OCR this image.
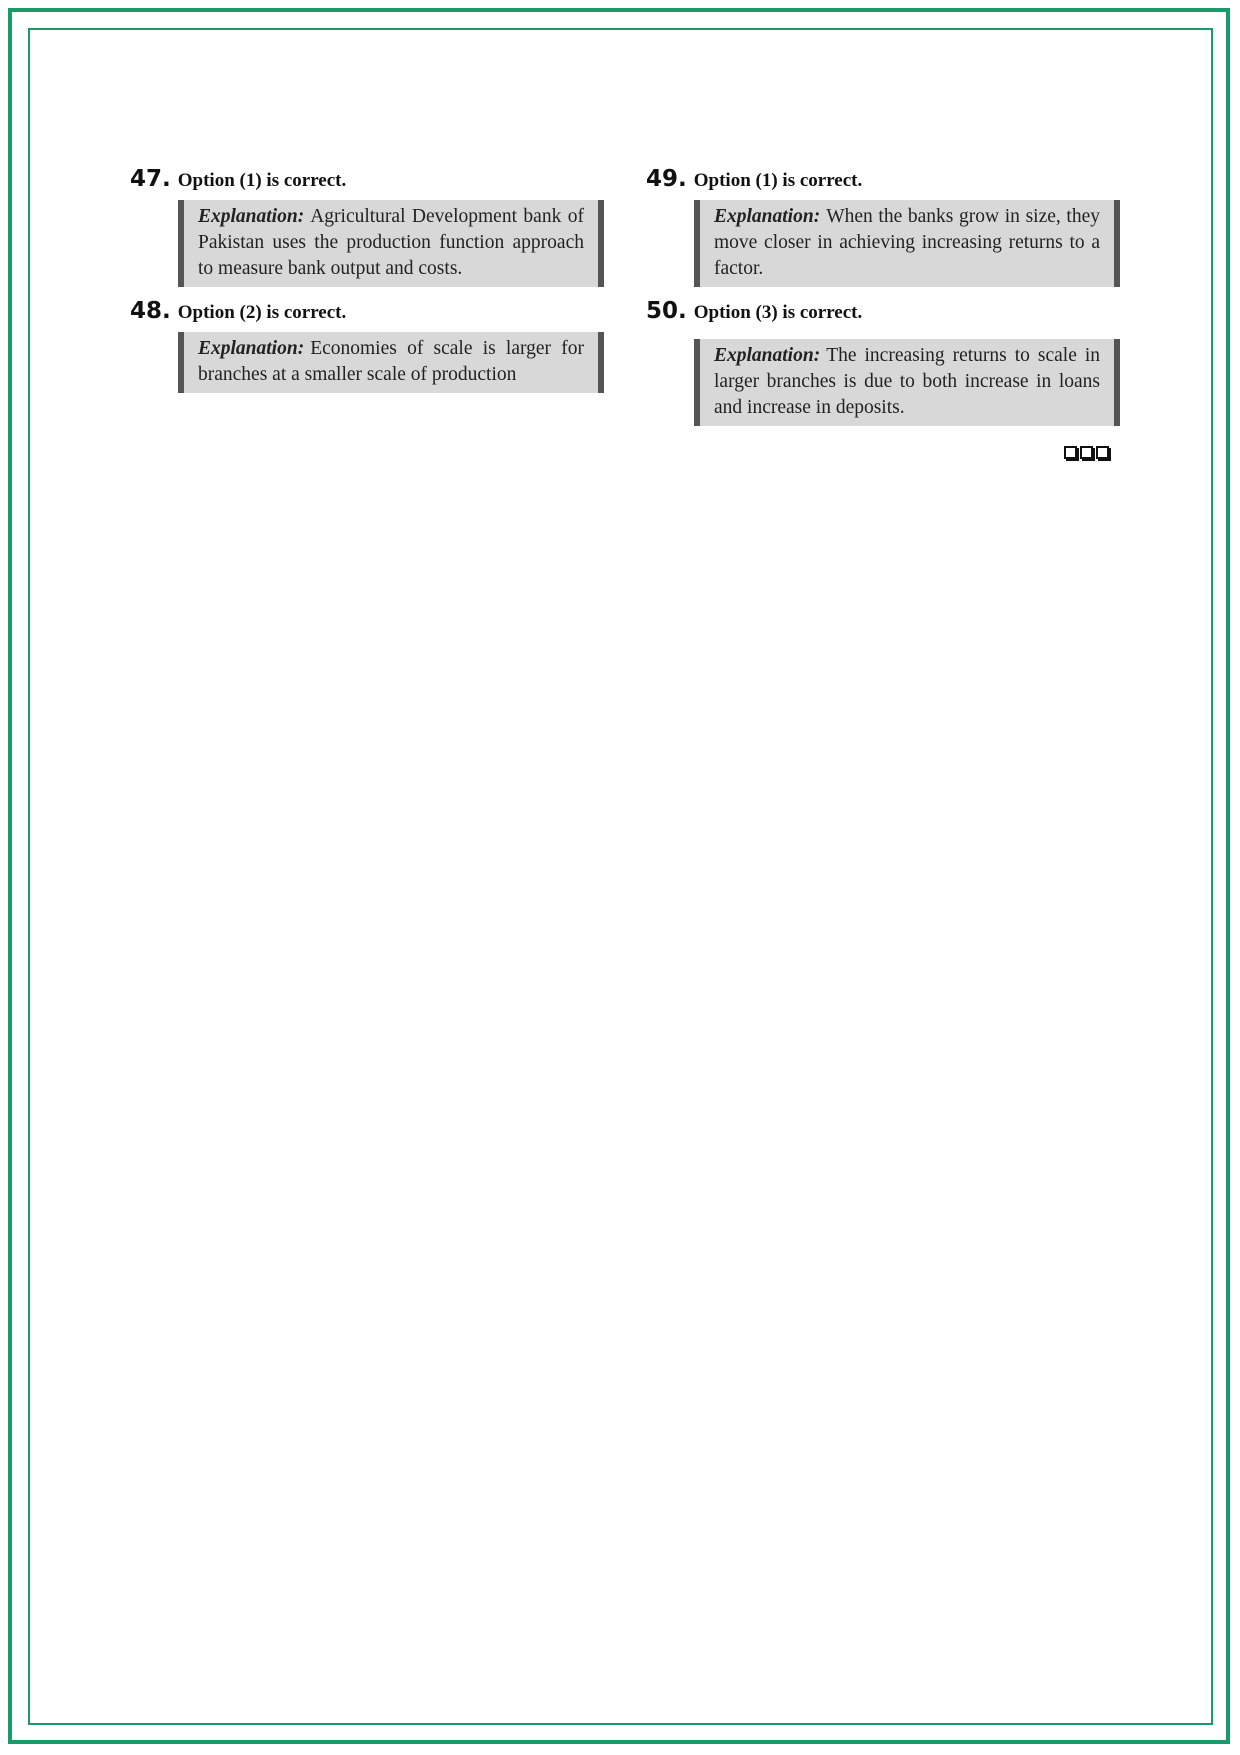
47. Option (1) is correct.
Explanation: Agricultural Development bank of Pakistan uses the production function approach to measure bank output and costs.
48. Option (2) is correct.
Explanation: Economies of scale is larger for branches at a smaller scale of production
49. Option (1) is correct.
Explanation: When the banks grow in size, they move closer in achieving increasing returns to a factor.
50. Option (3) is correct.
Explanation: The increasing returns to scale in larger branches is due to both increase in loans and increase in deposits.
